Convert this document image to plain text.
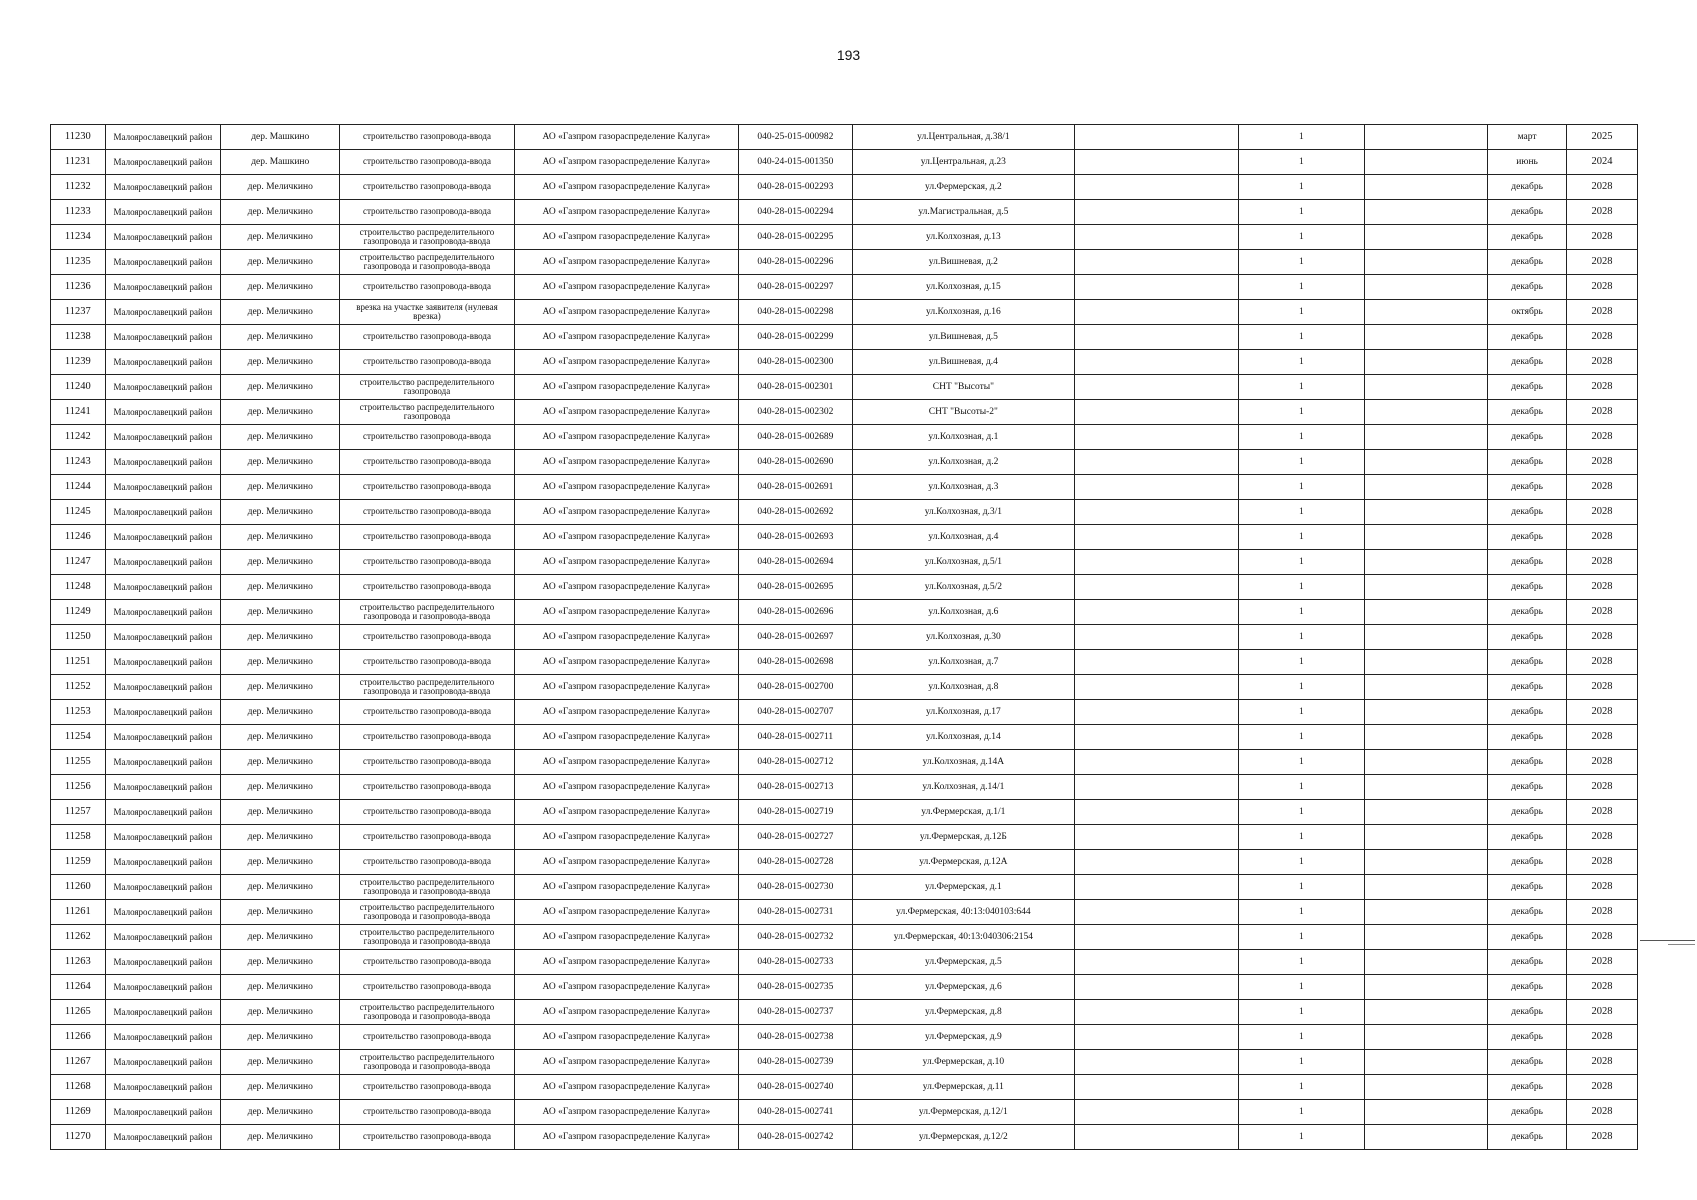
193
11230	Малоярославецкий район	дер. Машкино	строительство газопровода-ввода	АО «Газпром газораспределение Калуга»	040-25-015-000982	ул.Центральная, д.38/1		1		март	2025
11231	Малоярославецкий район	дер. Машкино	строительство газопровода-ввода	АО «Газпром газораспределение Калуга»	040-24-015-001350	ул.Центральная, д.23		1		июнь	2024
11232	Малоярославецкий район	дер. Меличкино	строительство газопровода-ввода	АО «Газпром газораспределение Калуга»	040-28-015-002293	ул.Фермерская, д.2		1		декабрь	2028
11233	Малоярославецкий район	дер. Меличкино	строительство газопровода-ввода	АО «Газпром газораспределение Калуга»	040-28-015-002294	ул.Магистральная, д.5		1		декабрь	2028
11234	Малоярославецкий район	дер. Меличкино	строительство распределительного газопровода и газопровода-ввода	АО «Газпром газораспределение Калуга»	040-28-015-002295	ул.Колхозная, д.13		1		декабрь	2028
11235	Малоярославецкий район	дер. Меличкино	строительство распределительного газопровода и газопровода-ввода	АО «Газпром газораспределение Калуга»	040-28-015-002296	ул.Вишневая, д.2		1		декабрь	2028
11236	Малоярославецкий район	дер. Меличкино	строительство газопровода-ввода	АО «Газпром газораспределение Калуга»	040-28-015-002297	ул.Колхозная, д.15		1		декабрь	2028
11237	Малоярославецкий район	дер. Меличкино	врезка на участке заявителя (нулевая врезка)	АО «Газпром газораспределение Калуга»	040-28-015-002298	ул.Колхозная, д.16		1		октябрь	2028
11238	Малоярославецкий район	дер. Меличкино	строительство газопровода-ввода	АО «Газпром газораспределение Калуга»	040-28-015-002299	ул.Вишневая, д.5		1		декабрь	2028
11239	Малоярославецкий район	дер. Меличкино	строительство газопровода-ввода	АО «Газпром газораспределение Калуга»	040-28-015-002300	ул.Вишневая, д.4		1		декабрь	2028
11240	Малоярославецкий район	дер. Меличкино	строительство распределительного газопровода	АО «Газпром газораспределение Калуга»	040-28-015-002301	СНТ "Высоты"		1		декабрь	2028
11241	Малоярославецкий район	дер. Меличкино	строительство распределительного газопровода	АО «Газпром газораспределение Калуга»	040-28-015-002302	СНТ "Высоты-2"		1		декабрь	2028
11242	Малоярославецкий район	дер. Меличкино	строительство газопровода-ввода	АО «Газпром газораспределение Калуга»	040-28-015-002689	ул.Колхозная, д.1		1		декабрь	2028
11243	Малоярославецкий район	дер. Меличкино	строительство газопровода-ввода	АО «Газпром газораспределение Калуга»	040-28-015-002690	ул.Колхозная, д.2		1		декабрь	2028
11244	Малоярославецкий район	дер. Меличкино	строительство газопровода-ввода	АО «Газпром газораспределение Калуга»	040-28-015-002691	ул.Колхозная, д.3		1		декабрь	2028
11245	Малоярославецкий район	дер. Меличкино	строительство газопровода-ввода	АО «Газпром газораспределение Калуга»	040-28-015-002692	ул.Колхозная, д.3/1		1		декабрь	2028
11246	Малоярославецкий район	дер. Меличкино	строительство газопровода-ввода	АО «Газпром газораспределение Калуга»	040-28-015-002693	ул.Колхозная, д.4		1		декабрь	2028
11247	Малоярославецкий район	дер. Меличкино	строительство газопровода-ввода	АО «Газпром газораспределение Калуга»	040-28-015-002694	ул.Колхозная, д.5/1		1		декабрь	2028
11248	Малоярославецкий район	дер. Меличкино	строительство газопровода-ввода	АО «Газпром газораспределение Калуга»	040-28-015-002695	ул.Колхозная, д.5/2		1		декабрь	2028
11249	Малоярославецкий район	дер. Меличкино	строительство распределительного газопровода и газопровода-ввода	АО «Газпром газораспределение Калуга»	040-28-015-002696	ул.Колхозная, д.6		1		декабрь	2028
11250	Малоярославецкий район	дер. Меличкино	строительство газопровода-ввода	АО «Газпром газораспределение Калуга»	040-28-015-002697	ул.Колхозная, д.30		1		декабрь	2028
11251	Малоярославецкий район	дер. Меличкино	строительство газопровода-ввода	АО «Газпром газораспределение Калуга»	040-28-015-002698	ул.Колхозная, д.7		1		декабрь	2028
11252	Малоярославецкий район	дер. Меличкино	строительство распределительного газопровода и газопровода-ввода	АО «Газпром газораспределение Калуга»	040-28-015-002700	ул.Колхозная, д.8		1		декабрь	2028
11253	Малоярославецкий район	дер. Меличкино	строительство газопровода-ввода	АО «Газпром газораспределение Калуга»	040-28-015-002707	ул.Колхозная, д.17		1		декабрь	2028
11254	Малоярославецкий район	дер. Меличкино	строительство газопровода-ввода	АО «Газпром газораспределение Калуга»	040-28-015-002711	ул.Колхозная, д.14		1		декабрь	2028
11255	Малоярославецкий район	дер. Меличкино	строительство газопровода-ввода	АО «Газпром газораспределение Калуга»	040-28-015-002712	ул.Колхозная, д.14А		1		декабрь	2028
11256	Малоярославецкий район	дер. Меличкино	строительство газопровода-ввода	АО «Газпром газораспределение Калуга»	040-28-015-002713	ул.Колхозная, д.14/1		1		декабрь	2028
11257	Малоярославецкий район	дер. Меличкино	строительство газопровода-ввода	АО «Газпром газораспределение Калуга»	040-28-015-002719	ул.Фермерская, д.1/1		1		декабрь	2028
11258	Малоярославецкий район	дер. Меличкино	строительство газопровода-ввода	АО «Газпром газораспределение Калуга»	040-28-015-002727	ул.Фермерская, д.12Б		1		декабрь	2028
11259	Малоярославецкий район	дер. Меличкино	строительство газопровода-ввода	АО «Газпром газораспределение Калуга»	040-28-015-002728	ул.Фермерская, д.12А		1		декабрь	2028
11260	Малоярославецкий район	дер. Меличкино	строительство распределительного газопровода и газопровода-ввода	АО «Газпром газораспределение Калуга»	040-28-015-002730	ул.Фермерская, д.1		1		декабрь	2028
11261	Малоярославецкий район	дер. Меличкино	строительство распределительного газопровода и газопровода-ввода	АО «Газпром газораспределение Калуга»	040-28-015-002731	ул.Фермерская, 40:13:040103:644		1		декабрь	2028
11262	Малоярославецкий район	дер. Меличкино	строительство распределительного газопровода и газопровода-ввода	АО «Газпром газораспределение Калуга»	040-28-015-002732	ул.Фермерская, 40:13:040306:2154		1		декабрь	2028
11263	Малоярославецкий район	дер. Меличкино	строительство газопровода-ввода	АО «Газпром газораспределение Калуга»	040-28-015-002733	ул.Фермерская, д.5		1		декабрь	2028
11264	Малоярославецкий район	дер. Меличкино	строительство газопровода-ввода	АО «Газпром газораспределение Калуга»	040-28-015-002735	ул.Фермерская, д.6		1		декабрь	2028
11265	Малоярославецкий район	дер. Меличкино	строительство распределительного газопровода и газопровода-ввода	АО «Газпром газораспределение Калуга»	040-28-015-002737	ул.Фермерская, д.8		1		декабрь	2028
11266	Малоярославецкий район	дер. Меличкино	строительство газопровода-ввода	АО «Газпром газораспределение Калуга»	040-28-015-002738	ул.Фермерская, д.9		1		декабрь	2028
11267	Малоярославецкий район	дер. Меличкино	строительство распределительного газопровода и газопровода-ввода	АО «Газпром газораспределение Калуга»	040-28-015-002739	ул.Фермерская, д.10		1		декабрь	2028
11268	Малоярославецкий район	дер. Меличкино	строительство газопровода-ввода	АО «Газпром газораспределение Калуга»	040-28-015-002740	ул.Фермерская, д.11		1		декабрь	2028
11269	Малоярославецкий район	дер. Меличкино	строительство газопровода-ввода	АО «Газпром газораспределение Калуга»	040-28-015-002741	ул.Фермерская, д.12/1		1		декабрь	2028
11270	Малоярославецкий район	дер. Меличкино	строительство газопровода-ввода	АО «Газпром газораспределение Калуга»	040-28-015-002742	ул.Фермерская, д.12/2		1		декабрь	2028
